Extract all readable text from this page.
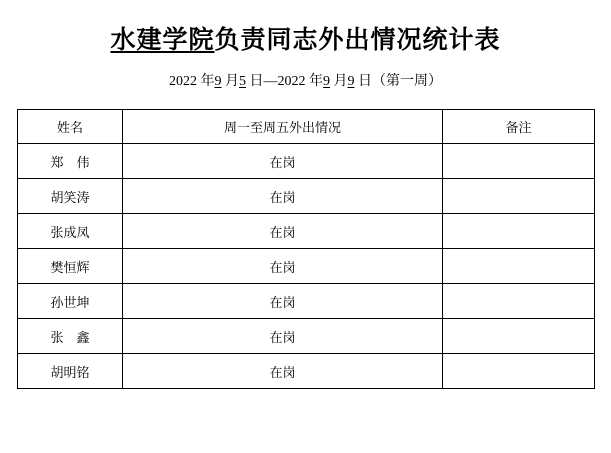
水建学院负责同志外出情况统计表
2022 年9 月5 日—2022 年9 月9 日（第一周）
姓名	周一至周五外出情况	备注
郑　伟	在岗	
胡笑涛	在岗	
张成凤	在岗	
樊恒辉	在岗	
孙世坤	在岗	
张　鑫	在岗	
胡明铭	在岗	
